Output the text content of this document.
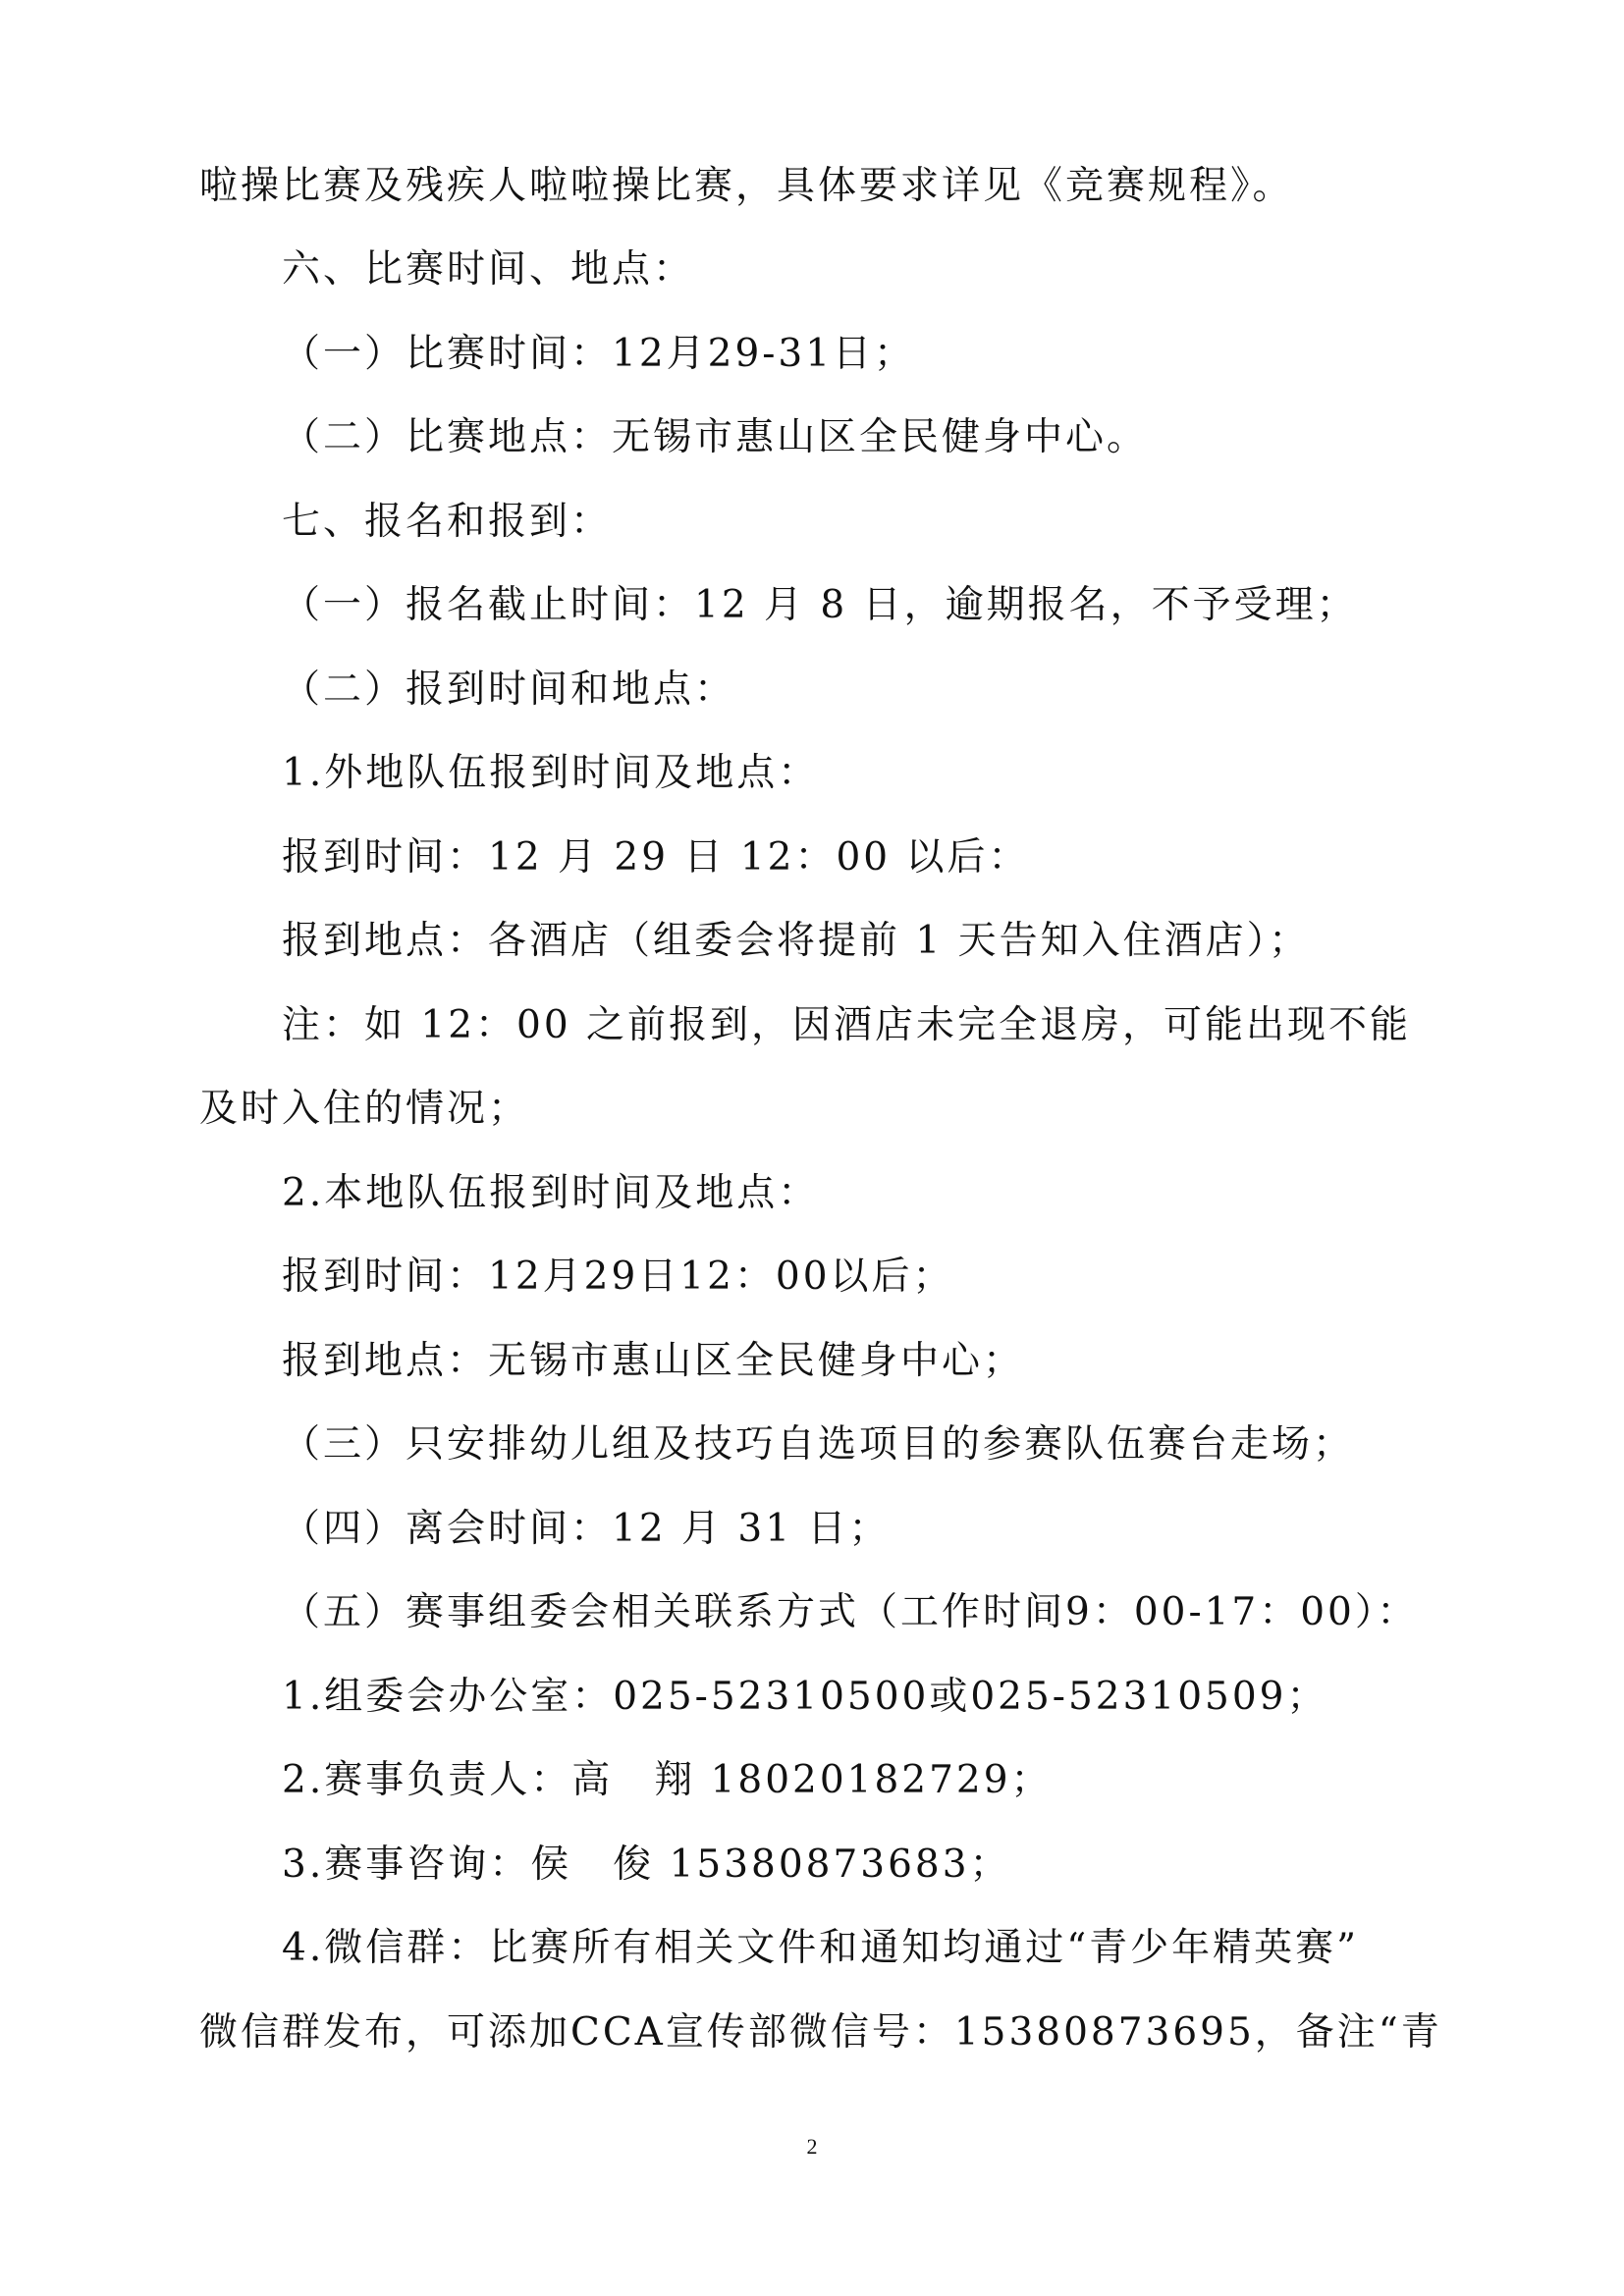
啦操比赛及残疾人啦啦操比赛，具体要求详见《竞赛规程》。
六、比赛时间、地点：
（一）比赛时间：12月29-31日；
（二）比赛地点：无锡市惠山区全民健身中心。
七、报名和报到：
（一）报名截止时间：12 月 8 日，逾期报名，不予受理；
（二）报到时间和地点：
1.外地队伍报到时间及地点：
报到时间：12 月 29 日 12：00 以后：
报到地点：各酒店（组委会将提前 1 天告知入住酒店）；
注：如 12：00 之前报到，因酒店未完全退房，可能出现不能
及时入住的情况；
2.本地队伍报到时间及地点：
报到时间：12月29日12：00以后；
报到地点：无锡市惠山区全民健身中心；
（三）只安排幼儿组及技巧自选项目的参赛队伍赛台走场；
（四）离会时间：12 月 31 日；
（五）赛事组委会相关联系方式（工作时间9：00-17：00）：
1.组委会办公室：025-52310500或025-52310509；
2.赛事负责人：高　翔 18020182729；
3.赛事咨询：侯　俊 15380873683；
4.微信群：比赛所有相关文件和通知均通过“青少年精英赛”
微信群发布，可添加CCA宣传部微信号：15380873695，备注“青
2
